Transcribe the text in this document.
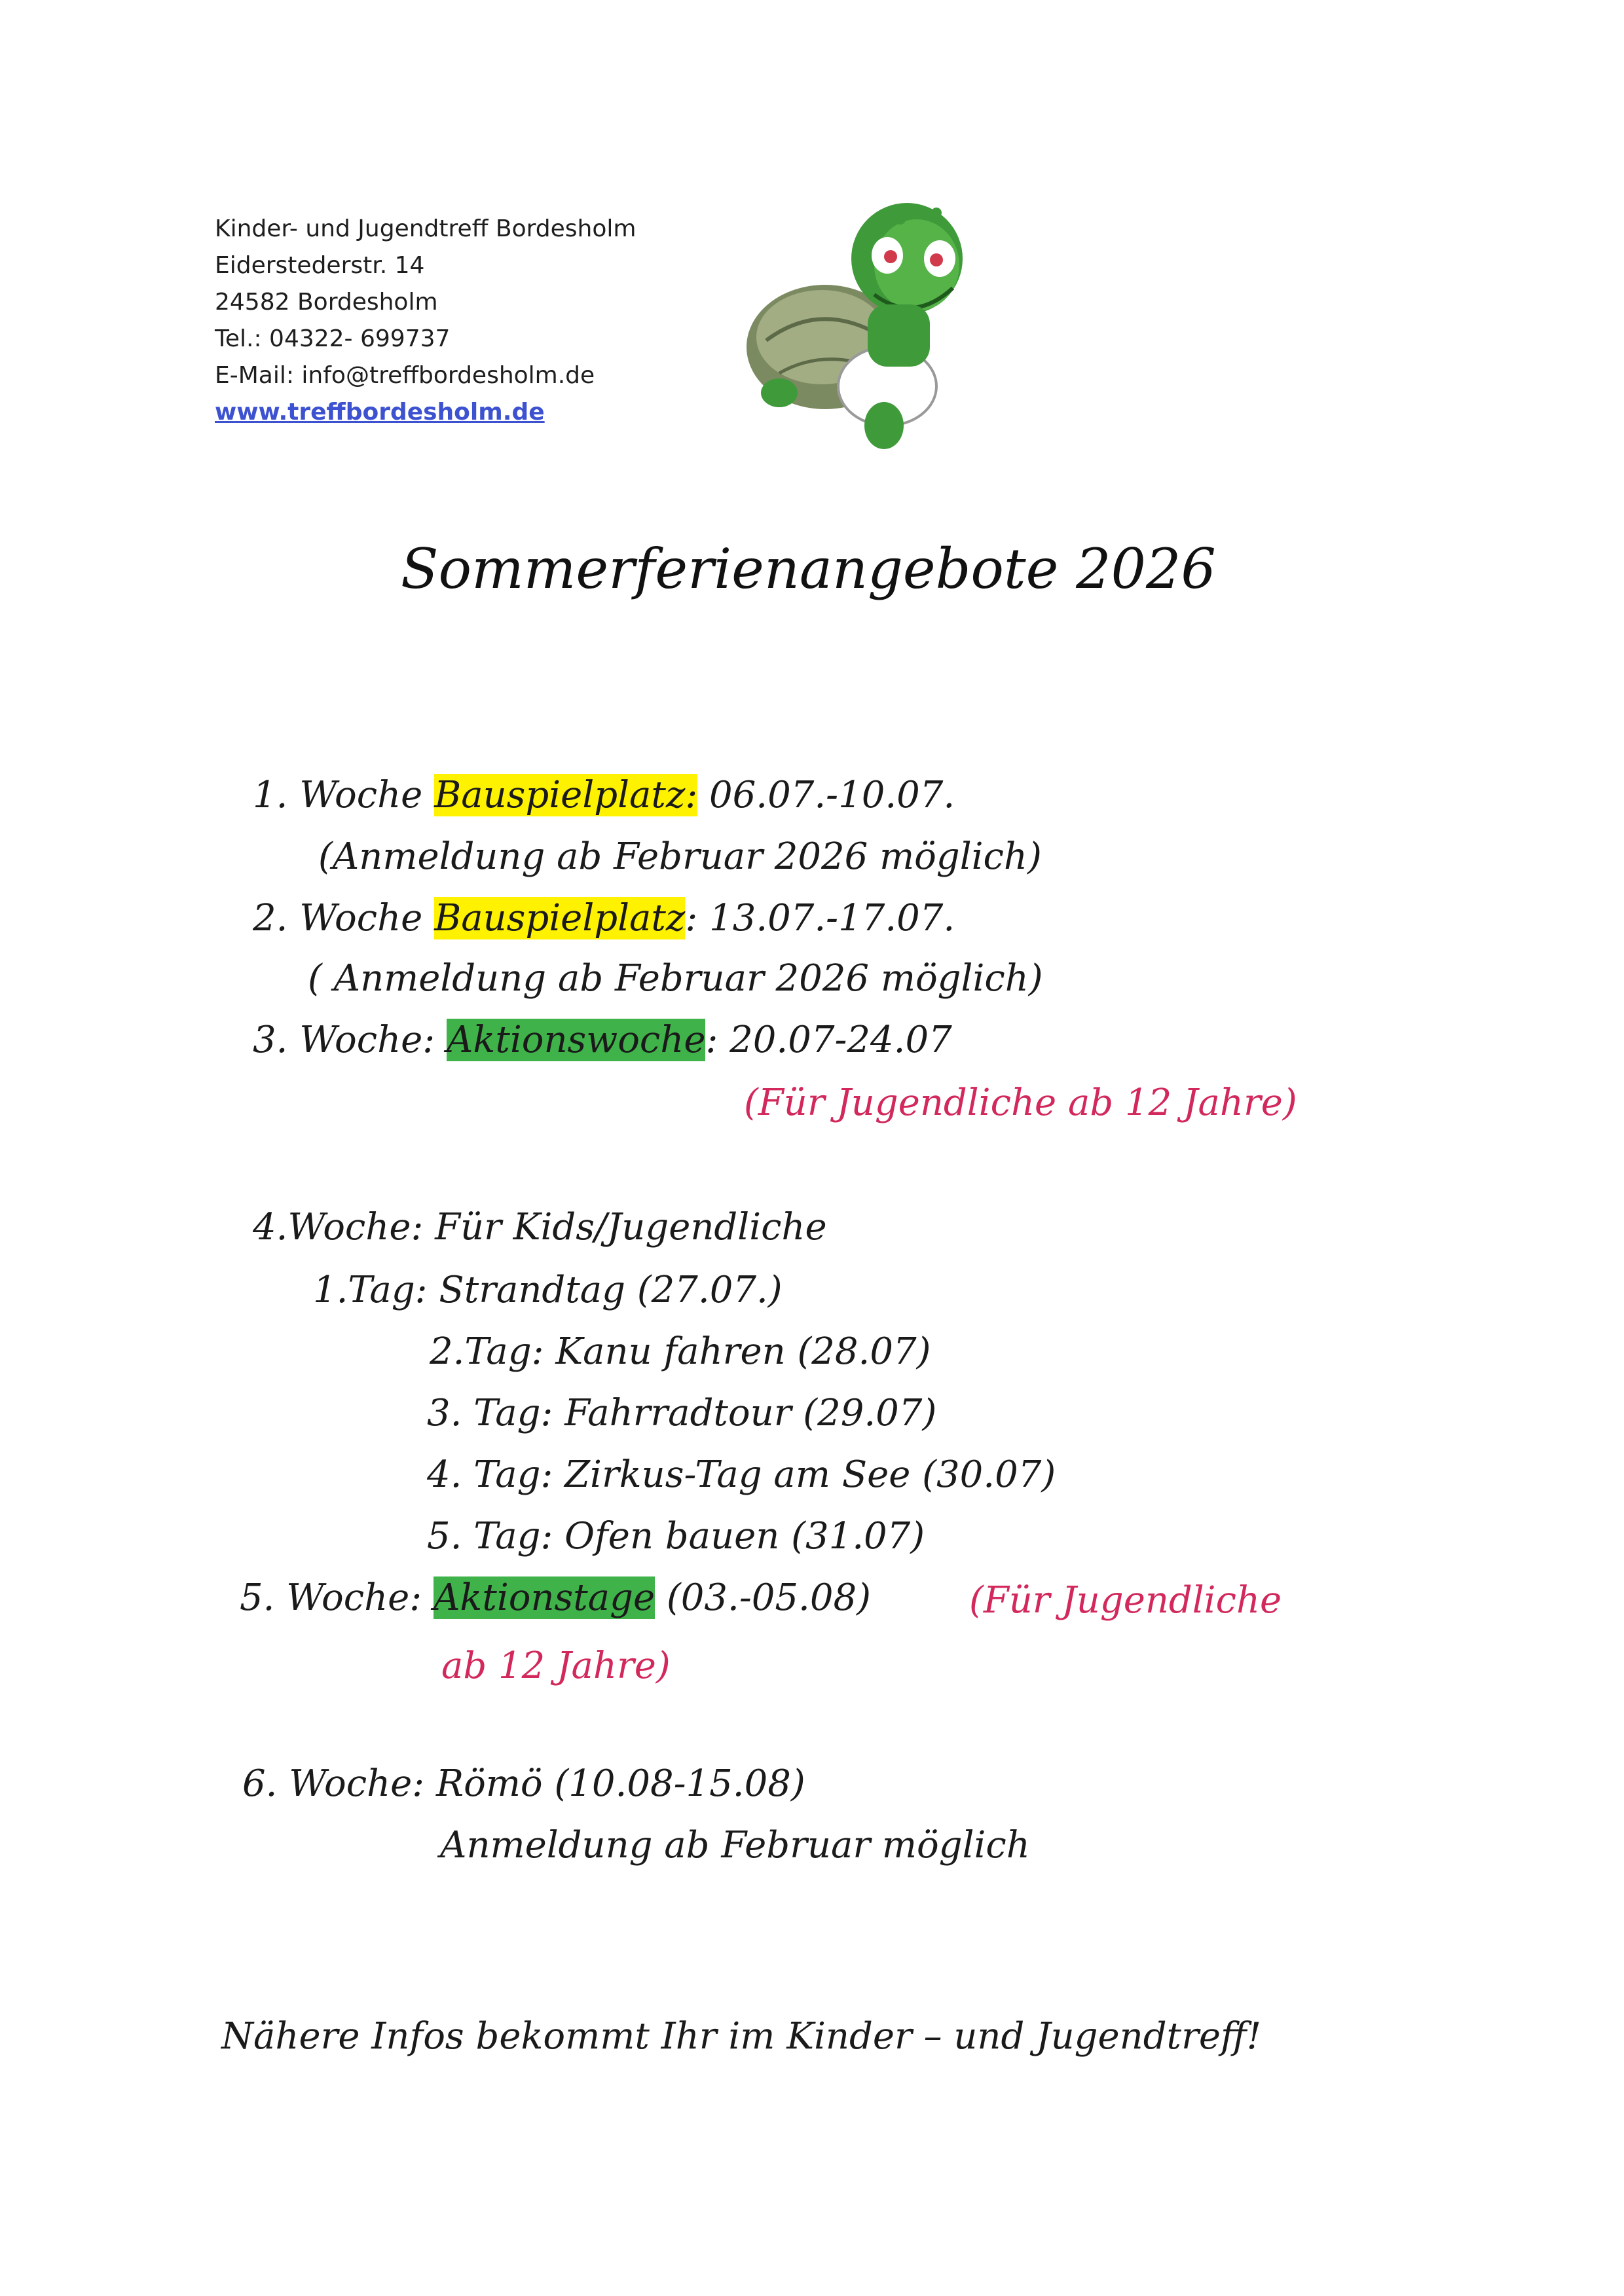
Kinder- und Jugendtreff Bordesholm
Eiderstederstr. 14
24582 Bordesholm
Tel.: 04322- 699737
E-Mail: info@treffbordesholm.de
www.treffbordesholm.de
Sommerferienangebote 2026
1. Woche Bauspielplatz: 06.07.-10.07.
(Anmeldung ab Februar 2026 möglich)
2. Woche Bauspielplatz: 13.07.-17.07.
( Anmeldung ab Februar 2026 möglich)
3. Woche: Aktionswoche: 20.07-24.07
(Für Jugendliche ab 12 Jahre)
4.Woche: Für Kids/Jugendliche
1.Tag: Strandtag (27.07.)
2.Tag: Kanu fahren (28.07)
3. Tag: Fahrradtour (29.07)
4. Tag: Zirkus-Tag am See (30.07)
5. Tag: Ofen bauen (31.07)
5. Woche: Aktionstage (03.-05.08)	(Für Jugendliche
ab 12 Jahre)
6. Woche: Römö (10.08-15.08)
Anmeldung ab Februar möglich
Nähere Infos bekommt Ihr im Kinder – und Jugendtreff!
